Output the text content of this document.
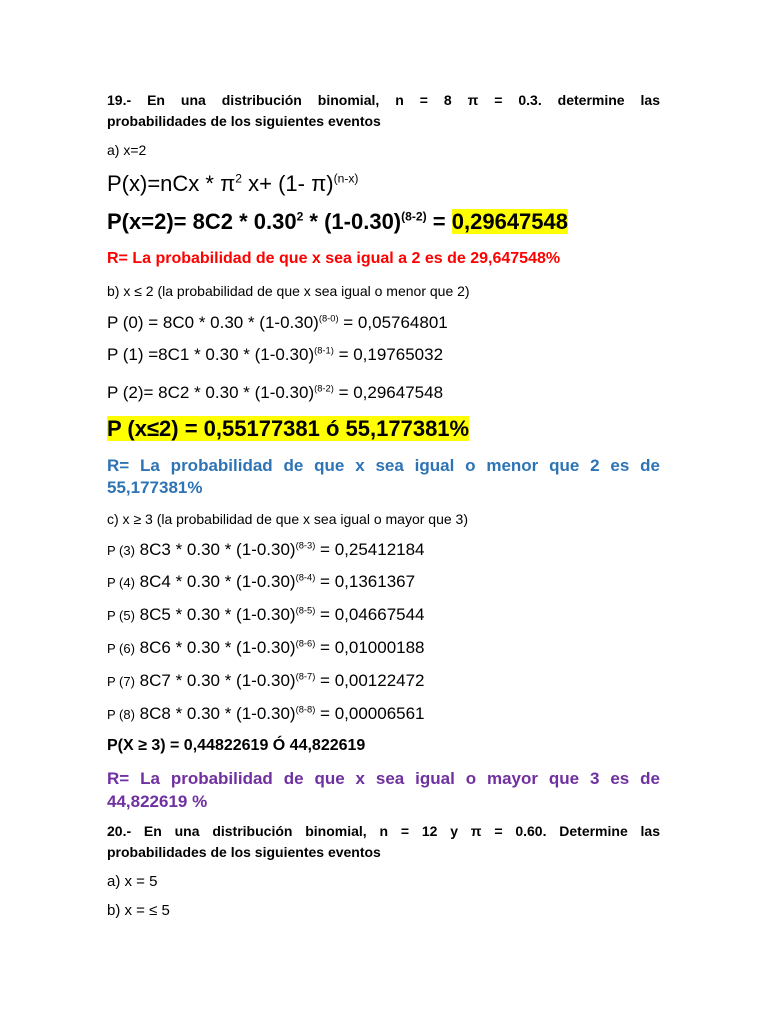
19.- En una distribución binomial, n = 8 π = 0.3. determine las
probabilidades de los siguientes eventos
a) x=2
$P(x)=nCx * \pi^2$ x+ (1- π)$^{(n-x)}$
$P(x=2)= 8C2 * 0.30^2 * (1-0.30)^{(8-2)} = 0,29647548$
R= La probabilidad de que x sea igual a 2 es de 29,647548%
b) x ≤ 2 (la probabilidad de que x sea igual o menor que 2)
P $(0) = 8C0 * 0.30 * (1-0.30)^{(8-0)} = 0,05764801$
P $(1) =8C1 * 0.30 * (1-0.30)^{(8-1)} = 0,19765032$
P $(2)= 8C2 * 0.30 * (1-0.30)^{(8-2)} = 0,29647548$
P (x≤2) = 0,55177381 ó 55,177381%
R= La probabilidad de que x sea igual o menor que 2 es de
55,177381%
c) x ≥ 3 (la probabilidad de que x sea igual o mayor que 3)
P (3) $8C3 * 0.30 * (1-0.30)^{(8-3)} = 0,25412184$
P (4) $8C4 * 0.30 * (1-0.30)^{(8-4)} = 0,1361367$
P (5) $8C5 * 0.30 * (1-0.30)^{(8-5)} = 0,04667544$
P (6) $8C6 * 0.30 * (1-0.30)^{(8-6)} = 0,01000188$
P (7) $8C7 * 0.30 * (1-0.30)^{(8-7)} = 0,00122472$
P (8) $8C8 * 0.30 * (1-0.30)^{(8-8)} = 0,00006561$
P(X ≥ 3) = 0,44822619 Ó 44,822619
R= La probabilidad de que x sea igual o mayor que 3 es de
44,822619 %
20.- En una distribución binomial, n = 12 y π = 0.60. Determine las
probabilidades de los siguientes eventos
a) x = 5
b) x = ≤ 5
